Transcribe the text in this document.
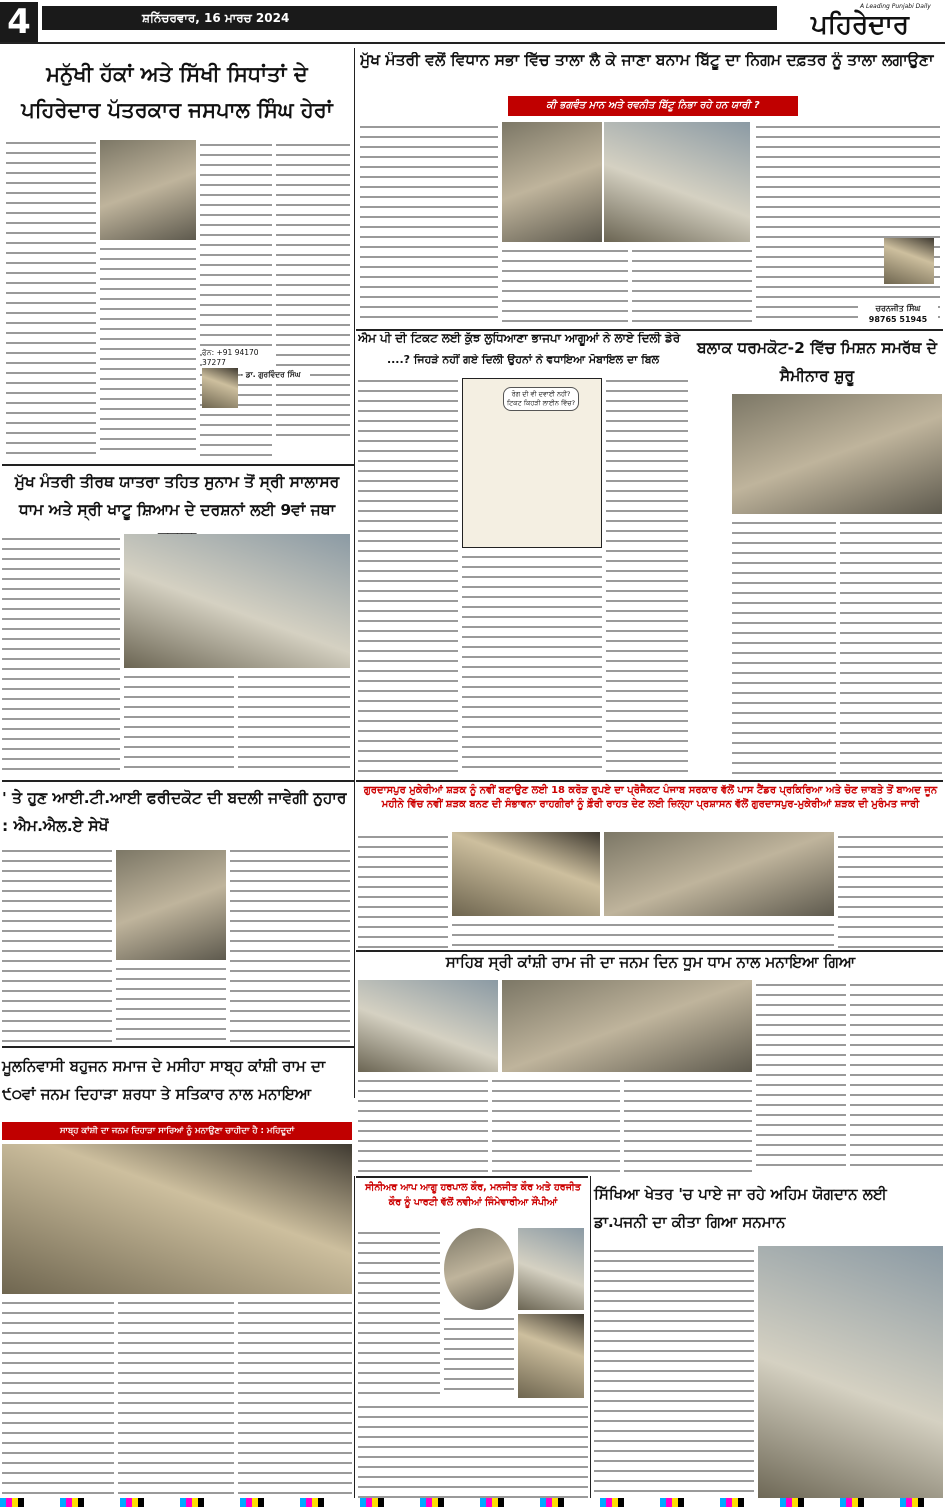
4	ਸ਼ਨਿੱਚਰਵਾਰ, 16 ਮਾਰਚ 2024
A Leading Punjabi Daily
ਪਹਿਰੇਦਾਰ
ਮਨੁੱਖੀ ਹੱਕਾਂ ਅਤੇ ਸਿੱਖੀ ਸਿਧਾਂਤਾਂ ਦੇ ਪਹਿਰੇਦਾਰ ਪੱਤਰਕਾਰ ਜਸਪਾਲ ਸਿੰਘ ਹੇਰਾਂ
ਫੋਨ: +91 94170 37277
- ਡਾ. ਗੁਰਵਿੰਦਰ ਸਿੰਘ
ਮੁੱਖ ਮੰਤਰੀ ਵਲੋਂ ਵਿਧਾਨ ਸਭਾ ਵਿੱਚ ਤਾਲਾ ਲੈ ਕੇ ਜਾਣਾ ਬਨਾਮ ਬਿੱਟੂ ਦਾ ਨਿਗਮ ਦਫ਼ਤਰ ਨੂੰ ਤਾਲਾ ਲਗਾਉਣਾ
ਕੀ ਭਗਵੰਤ ਮਾਨ ਅਤੇ ਰਵਨੀਤ ਬਿੱਟੂ ਨਿਭਾ ਰਹੇ ਹਨ ਯਾਰੀ ?
ਚਰਨਜੀਤ ਸਿੰਘ
98765 51945
ਐਮ ਪੀ ਦੀ ਟਿਕਟ ਲਈ ਕੁੱਝ ਲੁਧਿਆਣਾ ਭਾਜਪਾ ਆਗੂਆਂ ਨੇ ਲਾਏ ਦਿਲੀ ਡੇਰੇ
....? ਜਿਹੜੇ ਨਹੀਂ ਗਏ ਦਿਲੀ ਉਹਨਾਂ ਨੇ ਵਧਾਇਆ ਮੋਬਾਇਲ ਦਾ ਬਿਲ
ਰੋਗ ਦੀ ਵੀ ਦਵਾਈ ਨਹੀਂ? ਟਿਕਟ ਕਿਹੜੀ ਲਾਈਨ ਵਿੱਚ?
ਬਲਾਕ ਧਰਮਕੋਟ-2 ਵਿੱਚ ਮਿਸ਼ਨ ਸਮਰੱਥ ਦੇ ਸੈਮੀਨਾਰ ਸ਼ੁਰੂ
ਮੁੱਖ ਮੰਤਰੀ ਤੀਰਥ ਯਾਤਰਾ ਤਹਿਤ ਸੁਨਾਮ ਤੋਂ ਸ੍ਰੀ ਸਾਲਾਸਰ ਧਾਮ ਅਤੇ ਸ੍ਰੀ ਖਾਟੂ ਸ਼ਿਆਮ ਦੇ ਦਰਸ਼ਨਾਂ ਲਈ 9ਵਾਂ ਜਥਾ
ਗੁਰਦਾਸਪੁਰ ਮੁਕੇਰੀਆਂ ਸ਼ੜਕ ਨੂੰ ਨਵੀਂ ਬਣਾਉਣ ਲਈ 18 ਕਰੋੜ ਰੁਪਏ ਦਾ ਪ੍ਰੋਜੈਕਟ ਪੰਜਾਬ ਸਰਕਾਰ ਵੱਲੋਂ ਪਾਸ ਟੈਂਡਰ ਪ੍ਰਕਿਰਿਆ ਅਤੇ ਚੋਣ ਜ਼ਾਬਤੇ ਤੋਂ ਬਾਅਦ ਜੂਨ ਮਹੀਨੇ ਵਿੱਚ ਨਵੀਂ ਸ਼ੜਕ ਬਨਣ ਦੀ ਸੰਭਾਵਨਾ ਰਾਹਗੀਰਾਂ ਨੂੰ ਫ਼ੌਰੀ ਰਾਹਤ ਦੇਣ ਲਈ ਜ਼ਿਲ੍ਹਾ ਪ੍ਰਸ਼ਾਸਨ ਵੱਲੋਂ ਗੁਰਦਾਸਪੁਰ-ਮੁਕੇਰੀਆਂ ਸ਼ੜਕ ਦੀ ਮੁਰੰਮਤ ਜਾਰੀ
' ਤੇ ਹੁਣ ਆਈ.ਟੀ.ਆਈ ਫਰੀਦਕੋਟ ਦੀ ਬਦਲੀ ਜਾਵੇਗੀ ਨੁਹਾਰ : ਐਮ.ਐਲ.ਏ ਸੇਖੋਂ
ਸਾਹਿਬ ਸ੍ਰੀ ਕਾਂਸ਼ੀ ਰਾਮ ਜੀ ਦਾ ਜਨਮ ਦਿਨ ਧੂਮ ਧਾਮ ਨਾਲ ਮਨਾਇਆ ਗਿਆ
ਮੂਲਨਿਵਾਸੀ ਬਹੁਜਨ ਸਮਾਜ ਦੇ ਮਸੀਹਾ ਸਾਬ੍ਹ ਕਾਂਸ਼ੀ ਰਾਮ ਦਾ ੯੦ਵਾਂ ਜਨਮ ਦਿਹਾੜਾ ਸ਼ਰਧਾ ਤੇ ਸਤਿਕਾਰ ਨਾਲ ਮਨਾਇਆ
ਸਾਬ੍ਹ ਕਾਂਸ਼ੀ ਦਾ ਜਨਮ ਦਿਹਾੜਾ ਸਾਰਿਆਂ ਨੂੰ ਮਨਾਉਣਾ ਚਾਹੀਦਾ ਹੈ : ਮਹਿਦੂਦਾਂ
ਸੀਨੀਅਰ ਆਪ ਆਗੂ ਹਰਪਾਲ ਕੌਰ, ਮਨਜੀਤ ਕੌਰ ਅਤੇ ਹਰਜੀਤ ਕੌਰ ਨੂੰ ਪਾਰਟੀ ਵੱਲੋਂ ਨਵੀਆਂ ਜਿੰਮੇਵਾਰੀਆ ਸੌਂਪੀਆਂ	ਸਿੱਖਿਆ ਖੇਤਰ 'ਚ ਪਾਏ ਜਾ ਰਹੇ ਅਹਿਮ ਯੋਗਦਾਨ ਲਈ ਡਾ.ਪਜਨੀ ਦਾ ਕੀਤਾ ਗਿਆ ਸਨਮਾਨ
